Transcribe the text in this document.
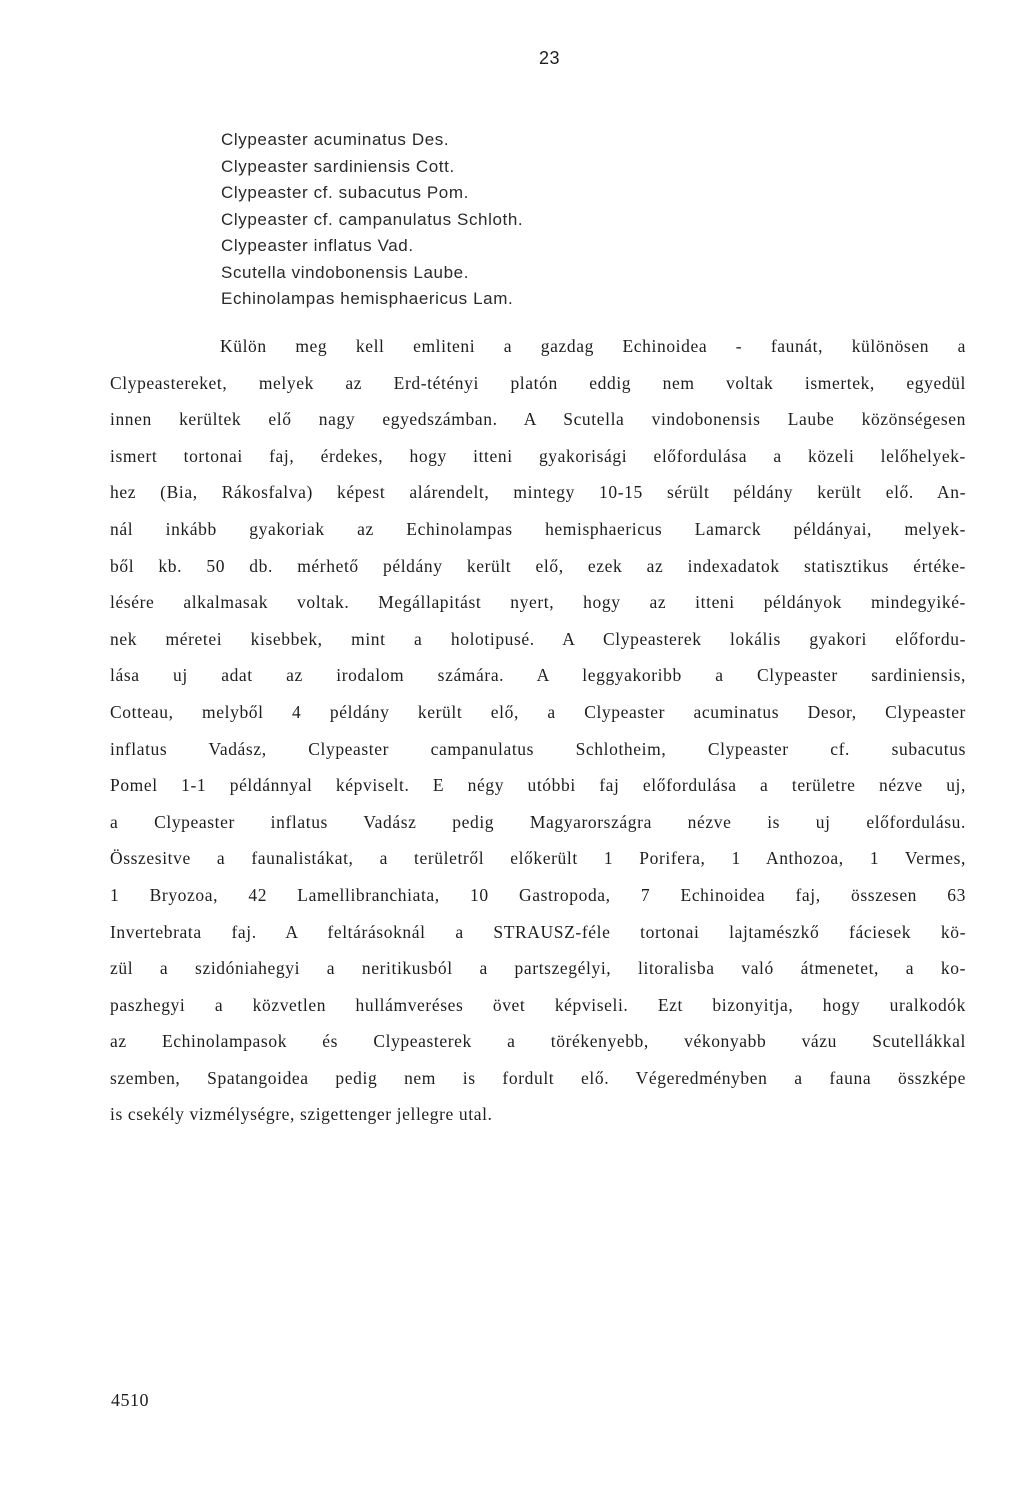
23
Clypeaster acuminatus Des.
Clypeaster sardiniensis Cott.
Clypeaster cf. subacutus Pom.
Clypeaster cf. campanulatus Schloth.
Clypeaster inflatus Vad.
Scutella vindobonensis Laube.
Echinolampas hemisphaericus Lam.
Külön meg kell emliteni a gazdag Echinoidea - faunát, különösen a
Clypeastereket, melyek az Erd-tétényi platón eddig nem voltak ismertek, egyedül
innen kerültek elő nagy egyedszámban. A Scutella vindobonensis Laube közönségesen
ismert tortonai faj, érdekes, hogy itteni gyakorisági előfordulása a közeli lelőhelyek-
hez (Bia, Rákosfalva) képest alárendelt, mintegy 10-15 sérült példány került elő. An-
nál inkább gyakoriak az Echinolampas hemisphaericus Lamarck példányai, melyek-
ből kb. 50 db. mérhető példány került elő, ezek az indexadatok statisztikus értéke-
lésére alkalmasak voltak. Megállapitást nyert, hogy az itteni példányok mindegyiké-
nek méretei kisebbek, mint a holotipusé. A Clypeasterek lokális gyakori előfordu-
lása uj adat az irodalom számára. A leggyakoribb a Clypeaster sardiniensis,
Cotteau, melyből 4 példány került elő, a Clypeaster acuminatus Desor, Clypeaster
inflatus Vadász, Clypeaster campanulatus Schlotheim, Clypeaster cf. subacutus
Pomel 1-1 példánnyal képviselt. E négy utóbbi faj előfordulása a területre nézve uj,
a Clypeaster inflatus Vadász pedig Magyarországra nézve is uj előfordulásu.
Összesitve a faunalistákat, a területről előkerült 1 Porifera, 1 Anthozoa, 1 Vermes,
1 Bryozoa, 42 Lamellibranchiata, 10 Gastropoda, 7 Echinoidea faj, összesen 63
Invertebrata faj. A feltárásoknál a STRAUSZ-féle tortonai lajtamészkő fáciesek kö-
zül a szidóniahegyi a neritikusból a partszegélyi, litoralisba való átmenetet, a ko-
paszhegyi a közvetlen hullámveréses övet képviseli. Ezt bizonyitja, hogy uralkodók
az Echinolampasok és Clypeasterek a törékenyebb, vékonyabb vázu Scutellákkal
szemben, Spatangoidea pedig nem is fordult elő. Végeredményben a fauna összképe
is csekély vizmélységre, szigettenger jellegre utal.
4510
